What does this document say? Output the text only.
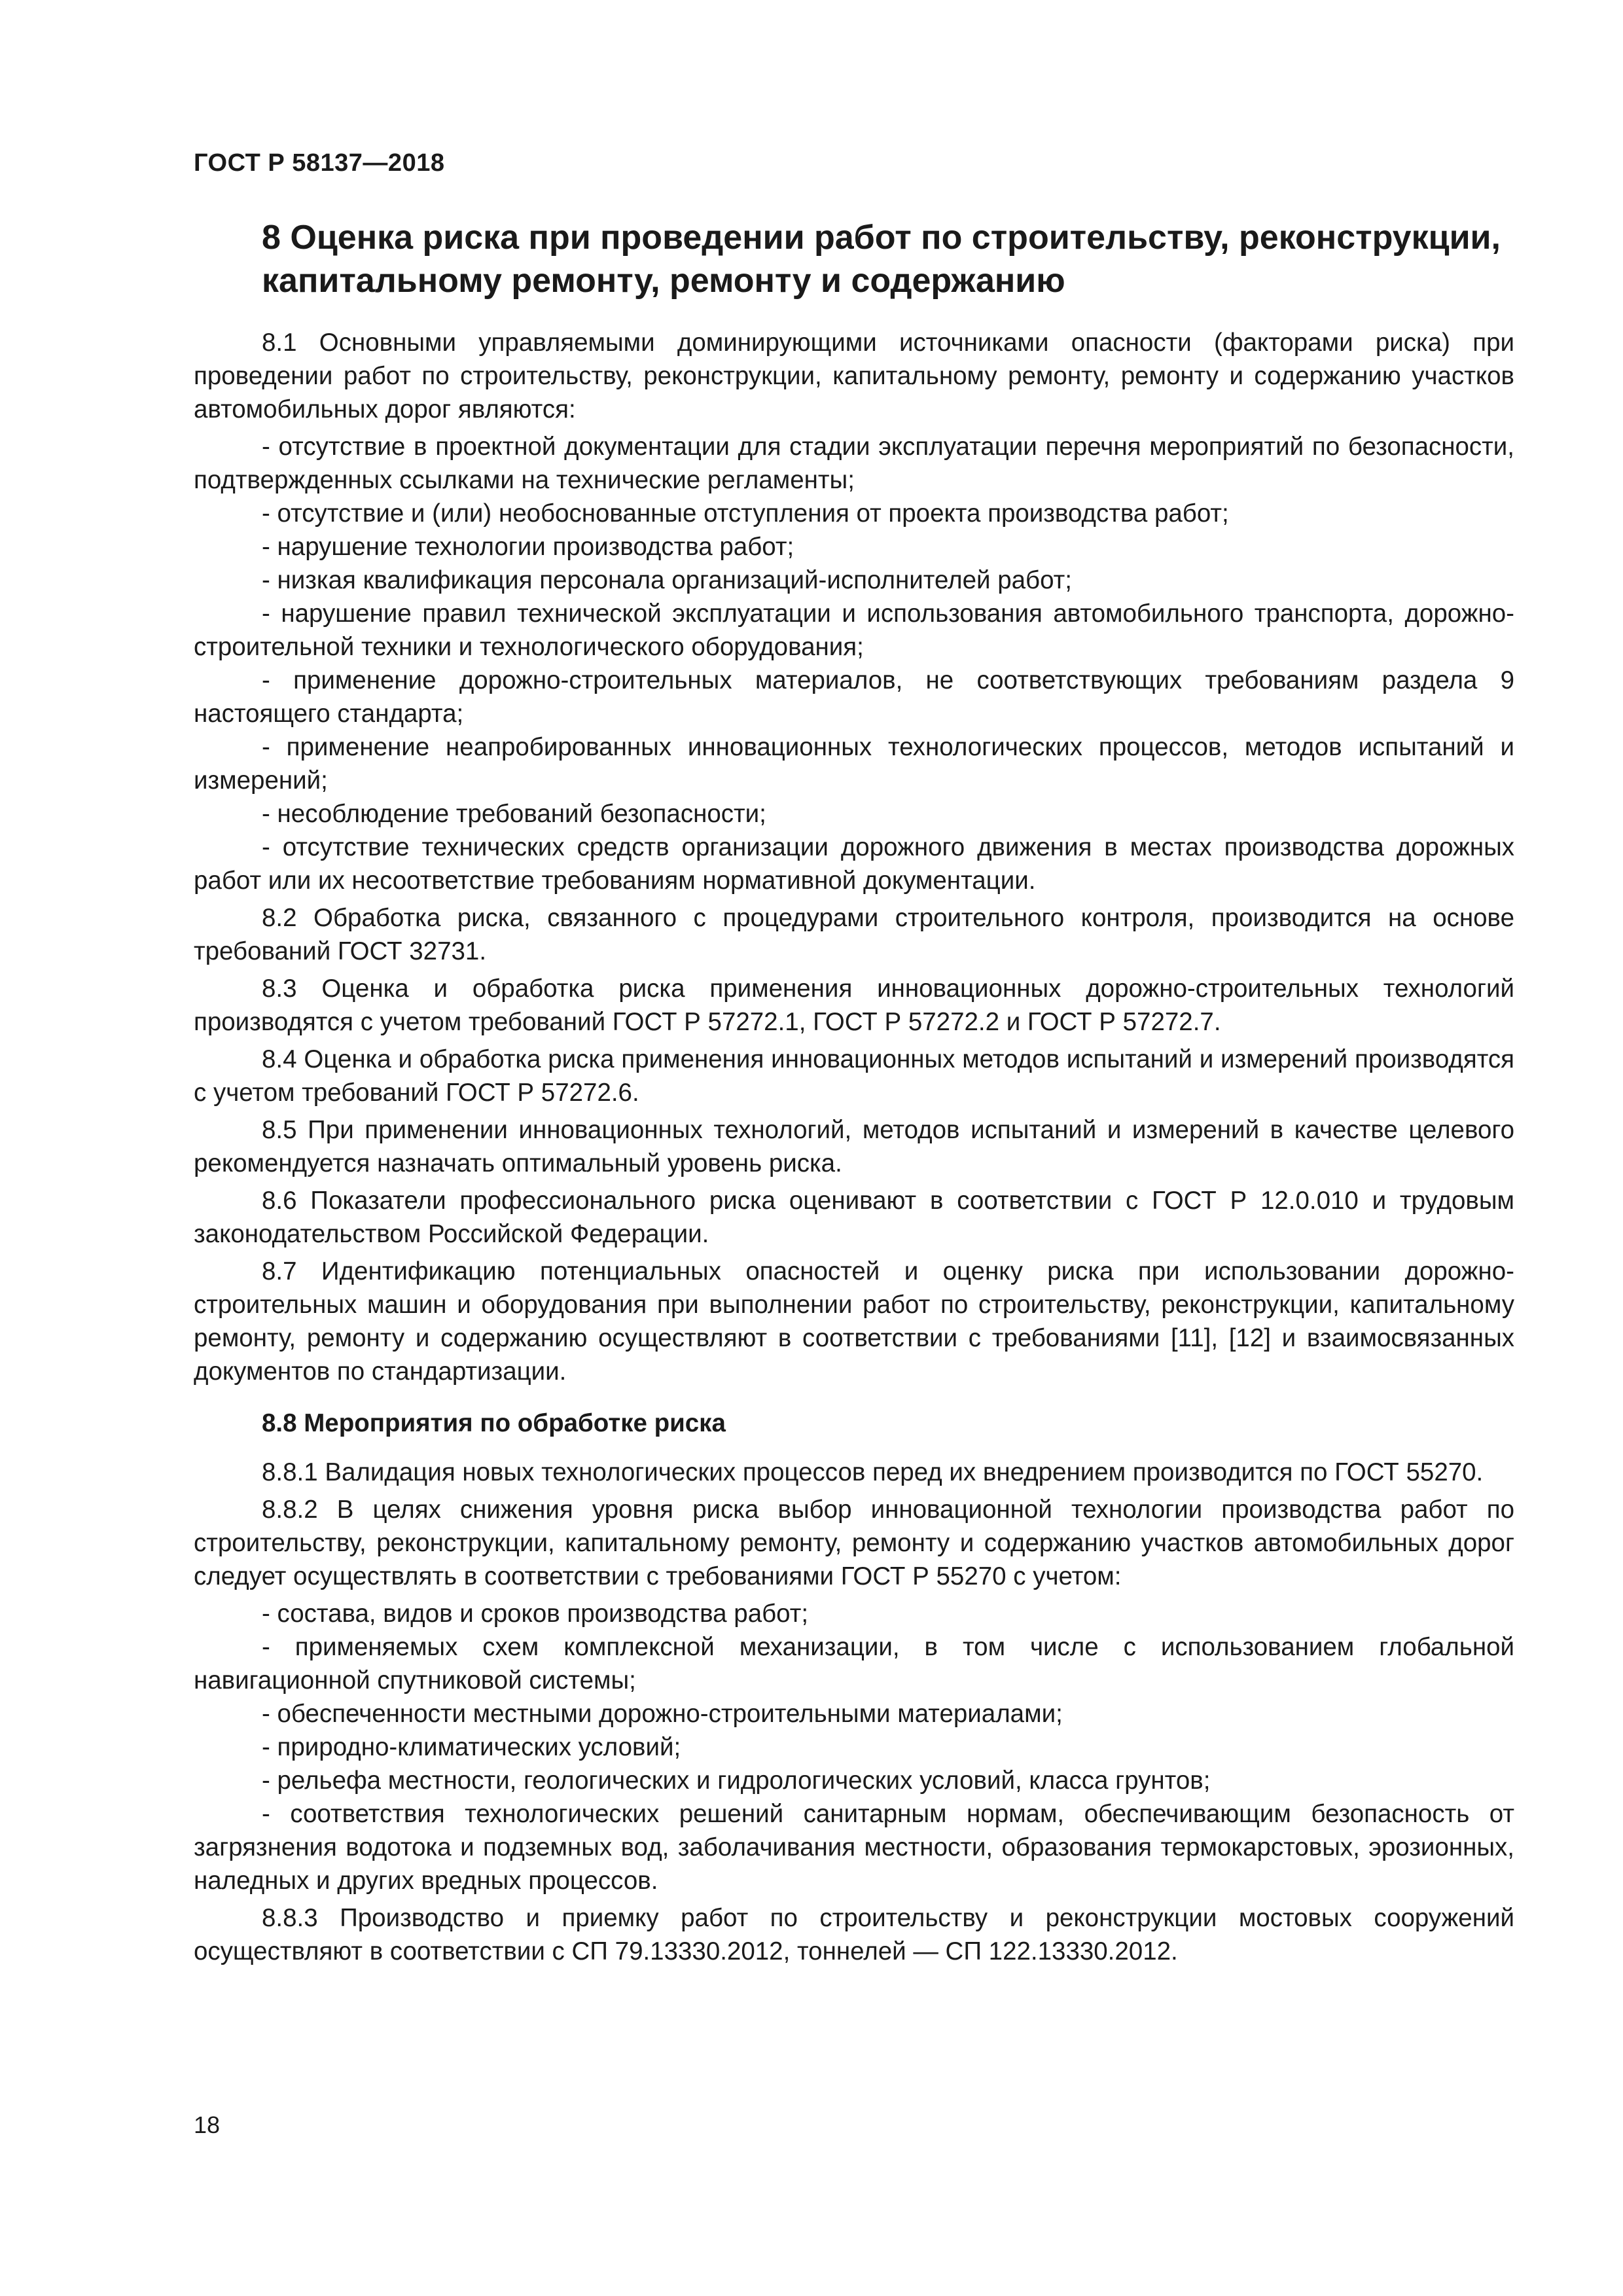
ГОСТ Р 58137—2018
8 Оценка риска при проведении работ по строительству, реконструкции, капитальному ремонту, ремонту и содержанию

8.1 Основными управляемыми доминирующими источниками опасности (факторами риска) при проведении работ по строительству, реконструкции, капитальному ремонту, ремонту и содержанию участков автомобильных дорог являются:

- отсутствие в проектной документации для стадии эксплуатации перечня мероприятий по безопасности, подтвержденных ссылками на технические регламенты;

- отсутствие и (или) необоснованные отступления от проекта производства работ;

- нарушение технологии производства работ;

- низкая квалификация персонала организаций-исполнителей работ;

- нарушение правил технической эксплуатации и использования автомобильного транспорта, дорожно-строительной техники и технологического оборудования;

- применение дорожно-строительных материалов, не соответствующих требованиям раздела 9 настоящего стандарта;

- применение неапробированных инновационных технологических процессов, методов испытаний и измерений;

- несоблюдение требований безопасности;

- отсутствие технических средств организации дорожного движения в местах производства дорожных работ или их несоответствие требованиям нормативной документации.

8.2 Обработка риска, связанного с процедурами строительного контроля, производится на основе требований ГОСТ 32731.

8.3 Оценка и обработка риска применения инновационных дорожно-строительных технологий производятся с учетом требований ГОСТ Р 57272.1, ГОСТ Р 57272.2 и ГОСТ Р 57272.7.

8.4 Оценка и обработка риска применения инновационных методов испытаний и измерений производятся с учетом требований ГОСТ Р 57272.6.

8.5 При применении инновационных технологий, методов испытаний и измерений в качестве целевого рекомендуется назначать оптимальный уровень риска.

8.6 Показатели профессионального риска оценивают в соответствии с ГОСТ Р 12.0.010 и трудовым законодательством Российской Федерации.

8.7 Идентификацию потенциальных опасностей и оценку риска при использовании дорожно-строительных машин и оборудования при выполнении работ по строительству, реконструкции, капитальному ремонту, ремонту и содержанию осуществляют в соответствии с требованиями [11], [12] и взаимосвязанных документов по стандартизации.

8.8 Мероприятия по обработке риска

8.8.1 Валидация новых технологических процессов перед их внедрением производится по ГОСТ 55270.

8.8.2 В целях снижения уровня риска выбор инновационной технологии производства работ по строительству, реконструкции, капитальному ремонту, ремонту и содержанию участков автомобильных дорог следует осуществлять в соответствии с требованиями ГОСТ Р 55270 с учетом:

- состава, видов и сроков производства работ;

- применяемых схем комплексной механизации, в том числе с использованием глобальной навигационной спутниковой системы;

- обеспеченности местными дорожно-строительными материалами;

- природно-климатических условий;

- рельефа местности, геологических и гидрологических условий, класса грунтов;

- соответствия технологических решений санитарным нормам, обеспечивающим безопасность от загрязнения водотока и подземных вод, заболачивания местности, образования термокарстовых, эрозионных, наледных и других вредных процессов.

8.8.3 Производство и приемку работ по строительству и реконструкции мостовых сооружений осуществляют в соответствии с СП 79.13330.2012, тоннелей — СП 122.13330.2012.

18
